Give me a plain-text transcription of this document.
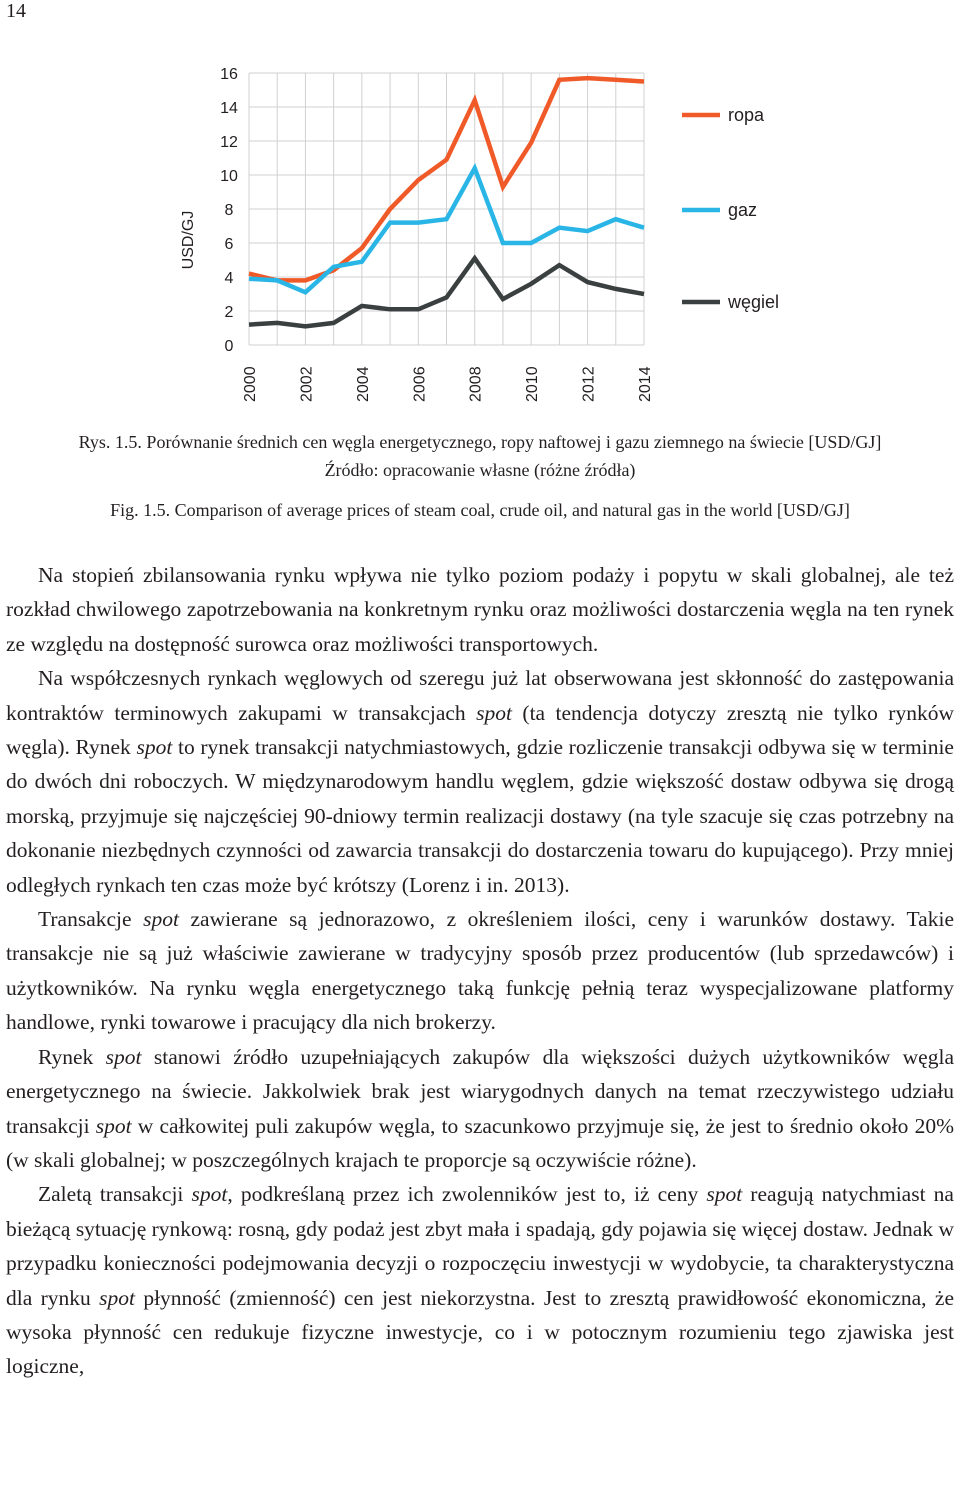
14
0
2
4
6
8
10
12
14
16
2000 2002 2004 2006 2008 2010 2012 2014
USD/GJ
ropa
gaz
węgiel
Rys. 1.5. Porównanie średnich cen węgla energetycznego, ropy naftowej i gazu ziemnego na świecie [USD/GJ]
Źródło: opracowanie własne (różne źródła)
Fig. 1.5. Comparison of average prices of steam coal, crude oil, and natural gas in the world [USD/GJ]

Na stopień zbilansowania rynku wpływa nie tylko poziom podaży i popytu w skali globalnej, ale też rozkład chwilowego zapotrzebowania na konkretnym rynku oraz możliwości dostarczenia węgla na ten rynek ze względu na dostępność surowca oraz możliwości transportowych.

Na współczesnych rynkach węglowych od szeregu już lat obserwowana jest skłonność do zastępowania kontraktów terminowych zakupami w transakcjach spot (ta tendencja dotyczy zresztą nie tylko rynków węgla). Rynek spot to rynek transakcji natychmiastowych, gdzie rozliczenie transakcji odbywa się w terminie do dwóch dni roboczych. W międzynarodowym handlu węglem, gdzie większość dostaw odbywa się drogą morską, przyjmuje się najczęściej 90-dniowy termin realizacji dostawy (na tyle szacuje się czas potrzebny na dokonanie niezbędnych czynności od zawarcia transakcji do dostarczenia towaru do kupującego). Przy mniej odległych rynkach ten czas może być krótszy (Lorenz i in. 2013).

Transakcje spot zawierane są jednorazowo, z określeniem ilości, ceny i warunków dostawy. Takie transakcje nie są już właściwie zawierane w tradycyjny sposób przez producentów (lub sprzedawców) i użytkowników. Na rynku węgla energetycznego taką funkcję pełnią teraz wyspecjalizowane platformy handlowe, rynki towarowe i pracujący dla nich brokerzy.

Rynek spot stanowi źródło uzupełniających zakupów dla większości dużych użytkowników węgla energetycznego na świecie. Jakkolwiek brak jest wiarygodnych danych na temat rzeczywistego udziału transakcji spot w całkowitej puli zakupów węgla, to szacunkowo przyjmuje się, że jest to średnio około 20% (w skali globalnej; w poszczególnych krajach te proporcje są oczywiście różne).

Zaletą transakcji spot, podkreślaną przez ich zwolenników jest to, iż ceny spot reagują natychmiast na bieżącą sytuację rynkową: rosną, gdy podaż jest zbyt mała i spadają, gdy pojawia się więcej dostaw. Jednak w przypadku konieczności podejmowania decyzji o rozpoczęciu inwestycji w wydobycie, ta charakterystyczna dla rynku spot płynność (zmienność) cen jest niekorzystna. Jest to zresztą prawidłowość ekonomiczna, że wysoka płynność cen redukuje fizyczne inwestycje, co i w potocznym rozumieniu tego zjawiska jest logiczne,
